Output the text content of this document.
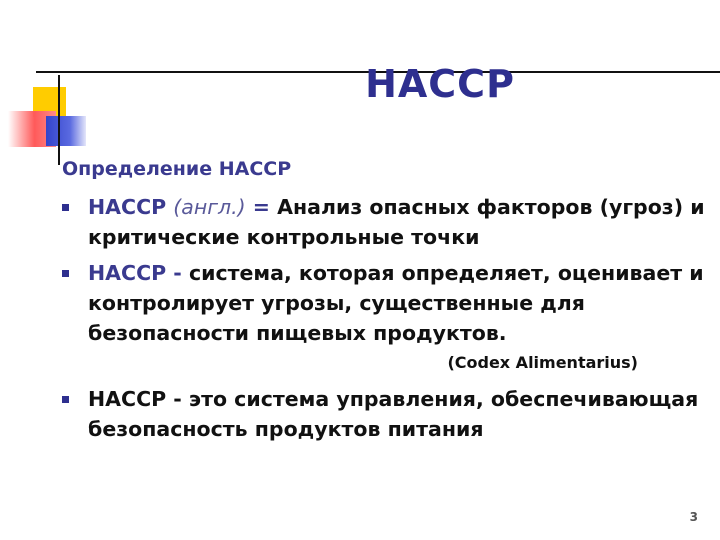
HACCP
Определение HACCP
HACCP (англ.) = Анализ опасных факторов (угроз) и критические контрольные точки
HACCP - система, которая определяет, оценивает и контролирует угрозы, существенные для безопасности пищевых продуктов.
(Codex Alimentarius)
HACCP - это система управления, обеспечивающая безопасность продуктов питания
3
